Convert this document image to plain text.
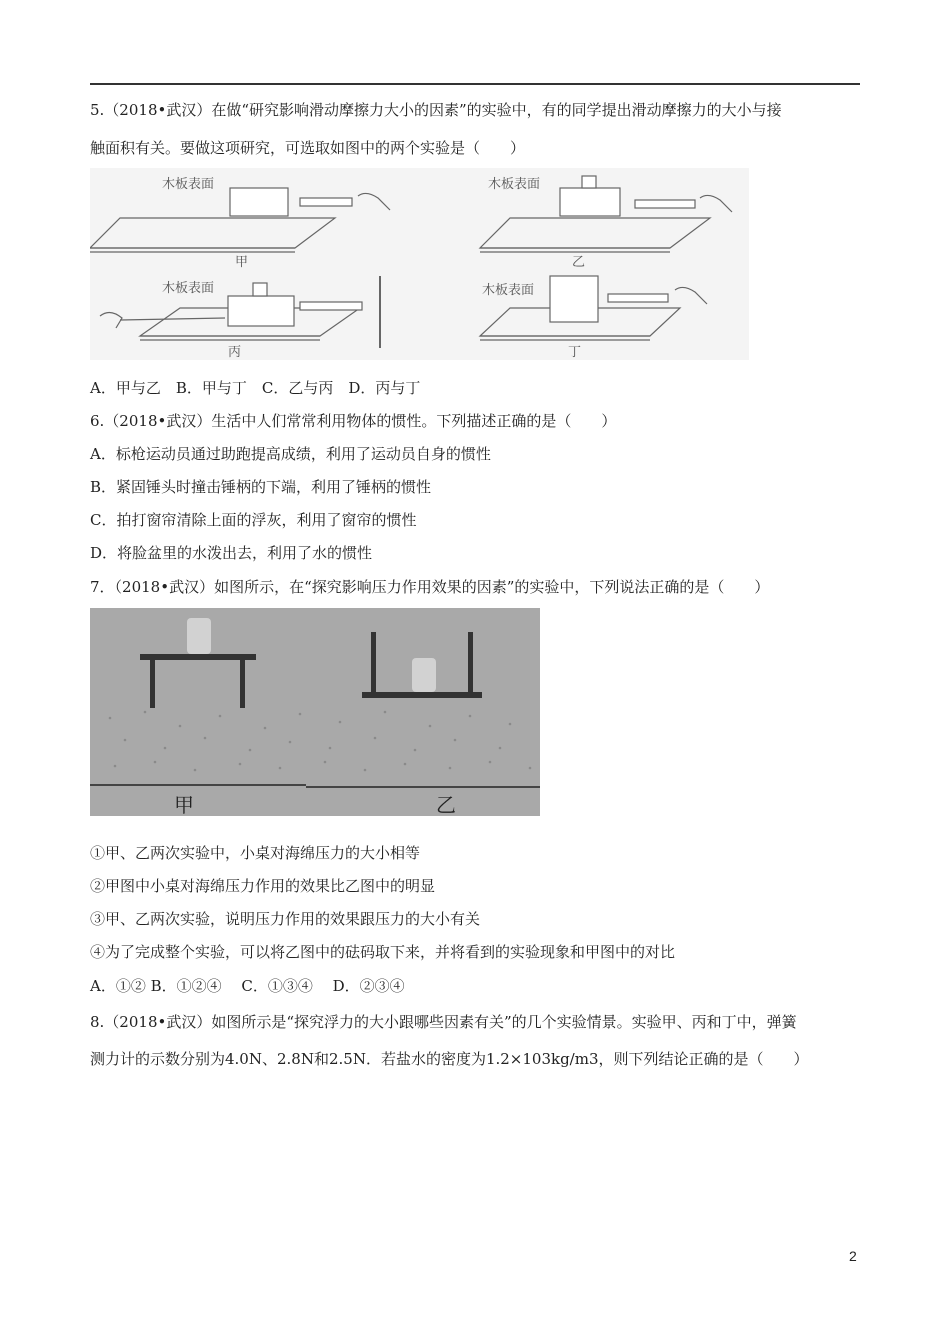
5.（2018•武汉）在做“研究影响滑动摩擦力大小的因素”的实验中，有的同学提出滑动摩擦力的大小与接
触面积有关。要做这项研究，可选取如图中的两个实验是（　　）
木板表面	木板表面
木板表面	木板表面
甲	乙
丙	丁
A．甲与乙　B．甲与丁　C．乙与丙　D．丙与丁
6.（2018•武汉）生活中人们常常利用物体的惯性。下列描述正确的是（　　）
A．标枪运动员通过助跑提高成绩，利用了运动员自身的惯性
B．紧固锤头时撞击锤柄的下端，利用了锤柄的惯性
C．拍打窗帘清除上面的浮灰，利用了窗帘的惯性
D．将脸盆里的水泼出去，利用了水的惯性
7．（2018•武汉）如图所示，在“探究影响压力作用效果的因素”的实验中，下列说法正确的是（　　）
甲	乙
①甲、乙两次实验中，小桌对海绵压力的大小相等
②甲图中小桌对海绵压力作用的效果比乙图中的明显
③甲、乙两次实验，说明压力作用的效果跟压力的大小有关
④为了完成整个实验，可以将乙图中的砝码取下来，并将看到的实验现象和甲图中的对比
A．①② B．①②④　 C．①③④　 D．②③④
8.（2018•武汉）如图所示是“探究浮力的大小跟哪些因素有关”的几个实验情景。实验甲、丙和丁中，弹簧
测力计的示数分别为4.0N、2.8N和2.5N．若盐水的密度为1.2×103kg/m3，则下列结论正确的是（　　）
2
